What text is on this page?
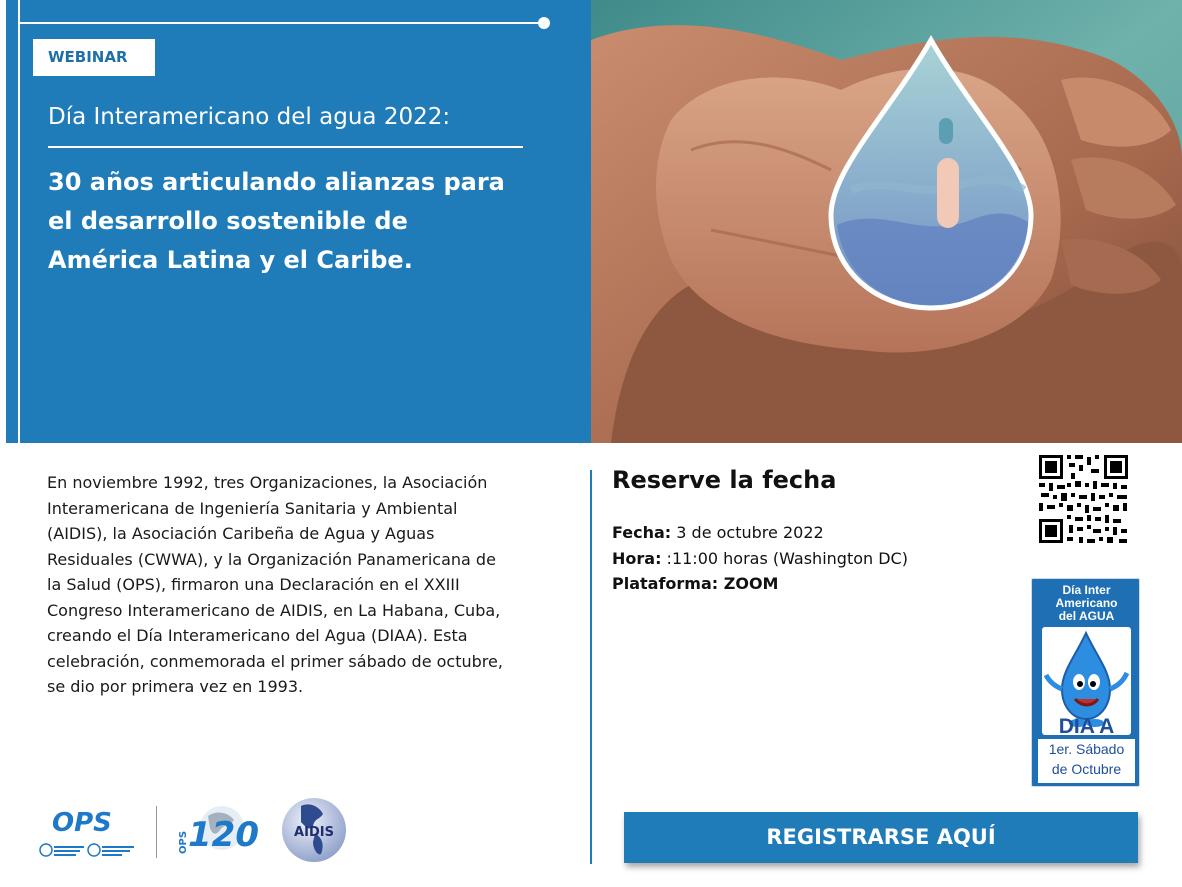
WEBINAR
Día Interamericano del agua 2022:
30 años articulando alianzas para
el desarrollo sostenible de
América Latina y el Caribe.
En noviembre 1992, tres Organizaciones, la Asociación
Interamericana de Ingeniería Sanitaria y Ambiental
(AIDIS), la Asociación Caribeña de Agua y Aguas
Residuales (CWWA), y la Organización Panamericana de
la Salud (OPS), firmaron una Declaración en el XXIII
Congreso Interamericano de AIDIS, en La Habana, Cuba,
creando el Día Interamericano del Agua (DIAA). Esta
celebración, conmemorada el primer sábado de octubre,
se dio por primera vez en 1993.
Reserve la fecha
Fecha: 3 de octubre 2022
Hora: :11:00 horas (Washington DC)
Plataforma: ZOOM	Día Inter
Americano
del AGUA
DIA A
1er. Sábado
de Octubre
REGISTRARSE AQUÍ
OPS
OPS 120	AIDIS
